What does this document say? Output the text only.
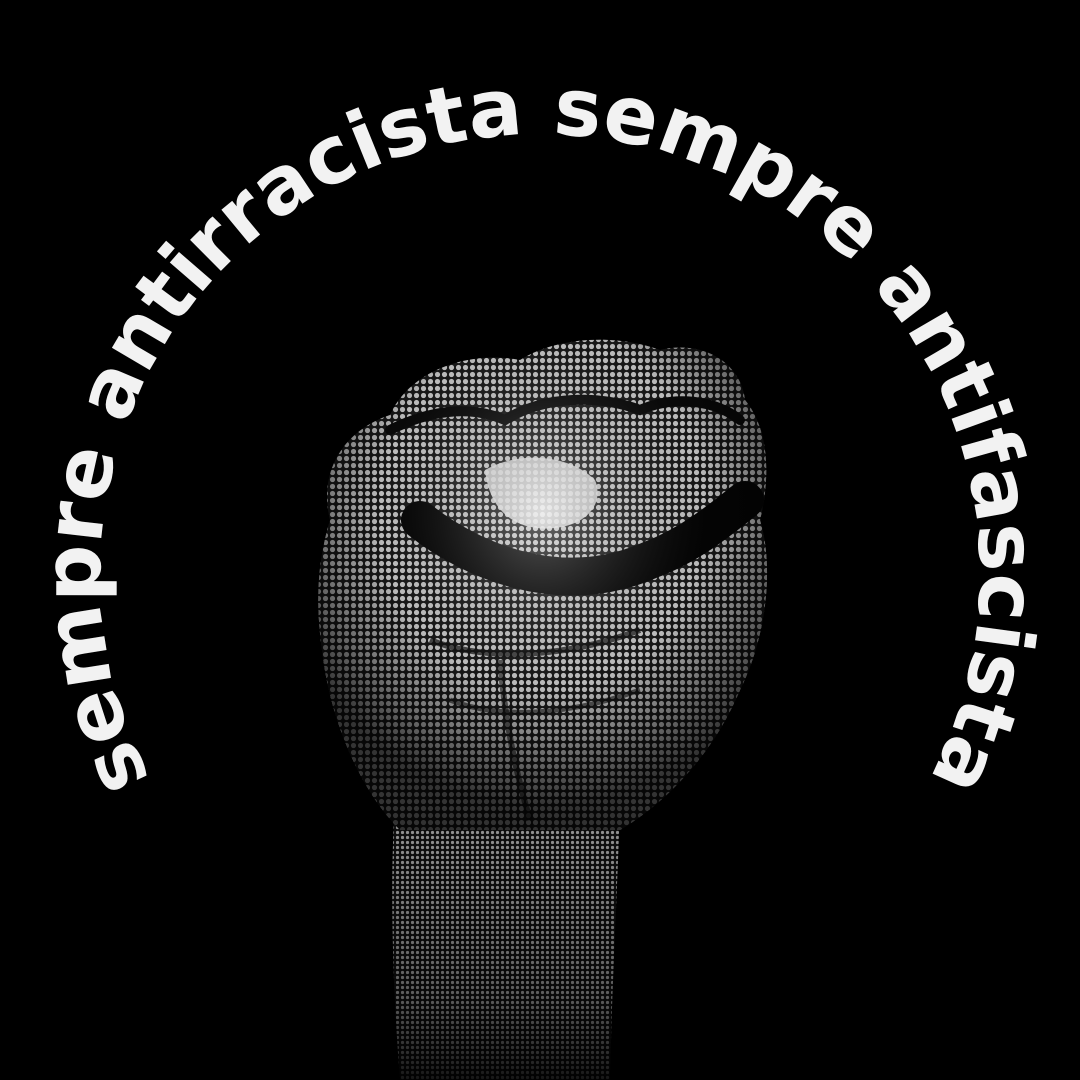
sempre antirracista sempre antifascista
